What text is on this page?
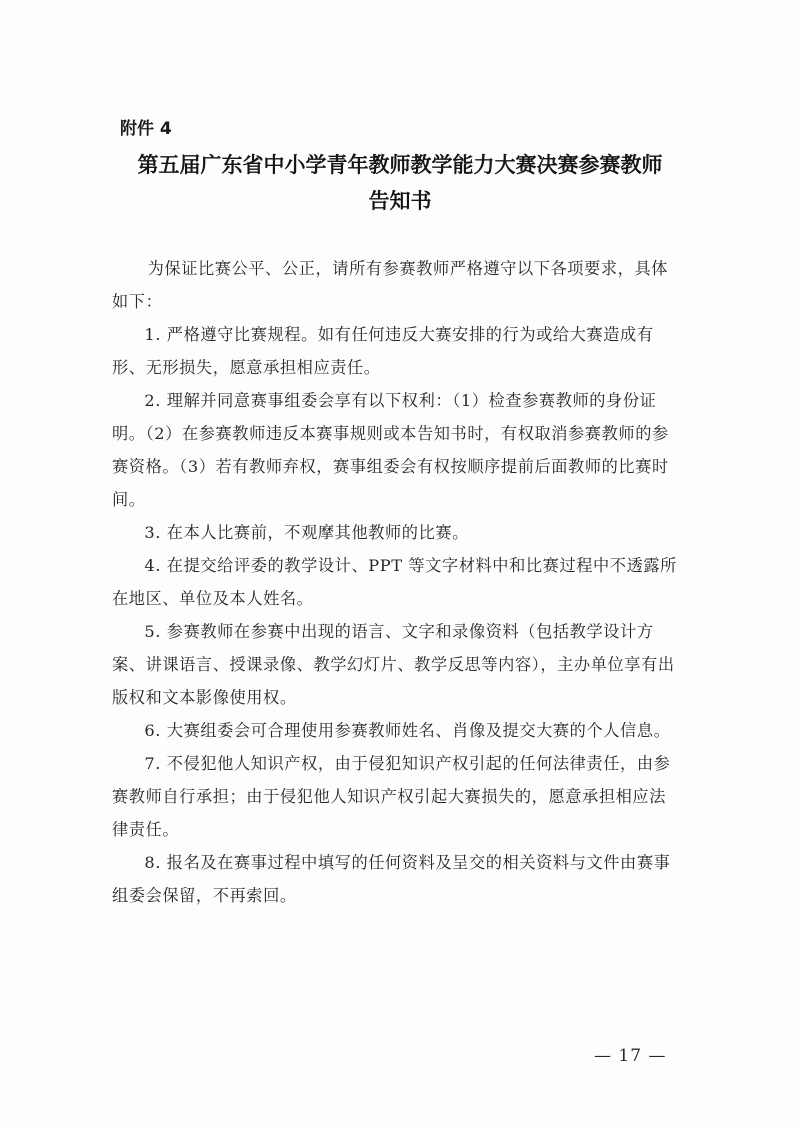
附件 4
第五届广东省中小学青年教师教学能力大赛决赛参赛教师
告知书

为保证比赛公平、公正，请所有参赛教师严格遵守以下各项要求，具体如下：

1. 严格遵守比赛规程。如有任何违反大赛安排的行为或给大赛造成有形、无形损失，愿意承担相应责任。

2. 理解并同意赛事组委会享有以下权利：（1）检查参赛教师的身份证明。（2）在参赛教师违反本赛事规则或本告知书时，有权取消参赛教师的参赛资格。（3）若有教师弃权，赛事组委会有权按顺序提前后面教师的比赛时间。

3. 在本人比赛前，不观摩其他教师的比赛。

4. 在提交给评委的教学设计、PPT 等文字材料中和比赛过程中不透露所在地区、单位及本人姓名。

5. 参赛教师在参赛中出现的语言、文字和录像资料（包括教学设计方案、讲课语言、授课录像、教学幻灯片、教学反思等内容），主办单位享有出版权和文本影像使用权。

6. 大赛组委会可合理使用参赛教师姓名、肖像及提交大赛的个人信息。

7. 不侵犯他人知识产权，由于侵犯知识产权引起的任何法律责任，由参赛教师自行承担；由于侵犯他人知识产权引起大赛损失的，愿意承担相应法律责任。

8. 报名及在赛事过程中填写的任何资料及呈交的相关资料与文件由赛事组委会保留，不再索回。

— 17 —
